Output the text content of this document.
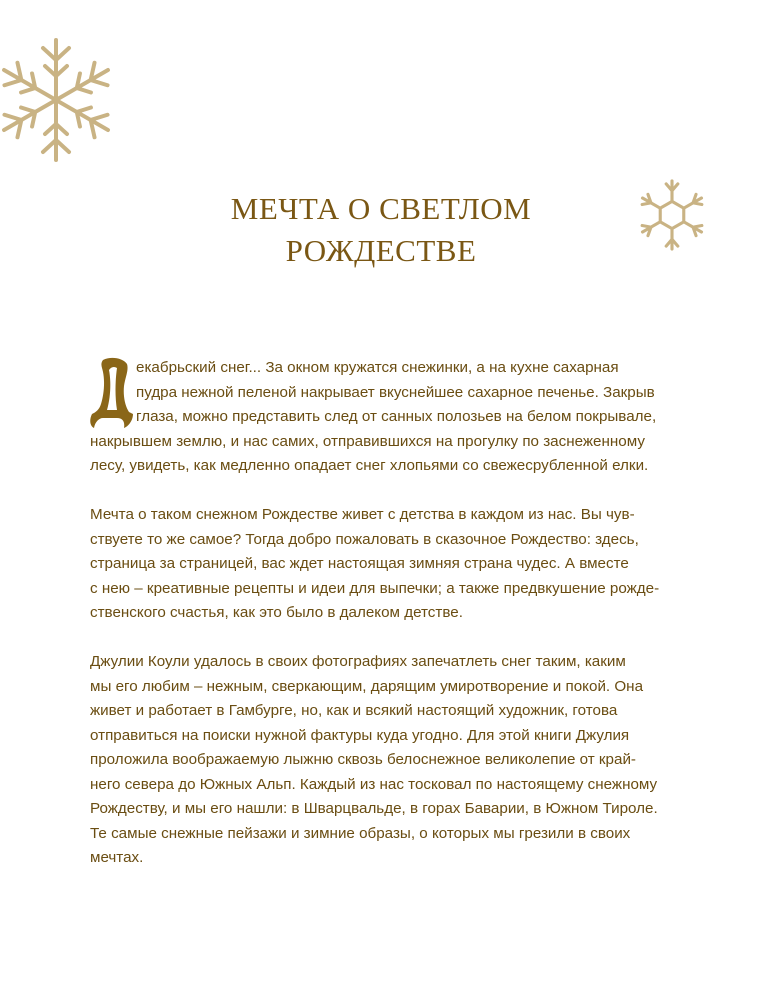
МЕЧТА О СВЕТЛОМ
РОЖДЕСТВЕ

екабрьский снег... За окном кружатся снежинки, а на кухне сахарная
пудра нежной пеленой накрывает вкуснейшее сахарное печенье. Закрыв
глаза, можно представить след от санных полозьев на белом покрывале,
накрывшем землю, и нас самих, отправившихся на прогулку по заснеженному
лесу, увидеть, как медленно опадает снег хлопьями со свежесрубленной елки.

Мечта о таком снежном Рождестве живет с детства в каждом из нас. Вы чув-
ствуете то же самое? Тогда добро пожаловать в сказочное Рождество: здесь,
страница за страницей, вас ждет настоящая зимняя страна чудес. А вместе
с нею – креативные рецепты и идеи для выпечки; а также предвкушение рожде-
ственского счастья, как это было в далеком детстве.

Джулии Коули удалось в своих фотографиях запечатлеть снег таким, каким
мы его любим – нежным, сверкающим, дарящим умиротворение и покой. Она
живет и работает в Гамбурге, но, как и всякий настоящий художник, готова
отправиться на поиски нужной фактуры куда угодно. Для этой книги Джулия
проложила воображаемую лыжню сквозь белоснежное великолепие от край-
него севера до Южных Альп. Каждый из нас тосковал по настоящему снежному
Рождеству, и мы его нашли: в Шварцвальде, в горах Баварии, в Южном Тироле.
Те самые снежные пейзажи и зимние образы, о которых мы грезили в своих
мечтах.
